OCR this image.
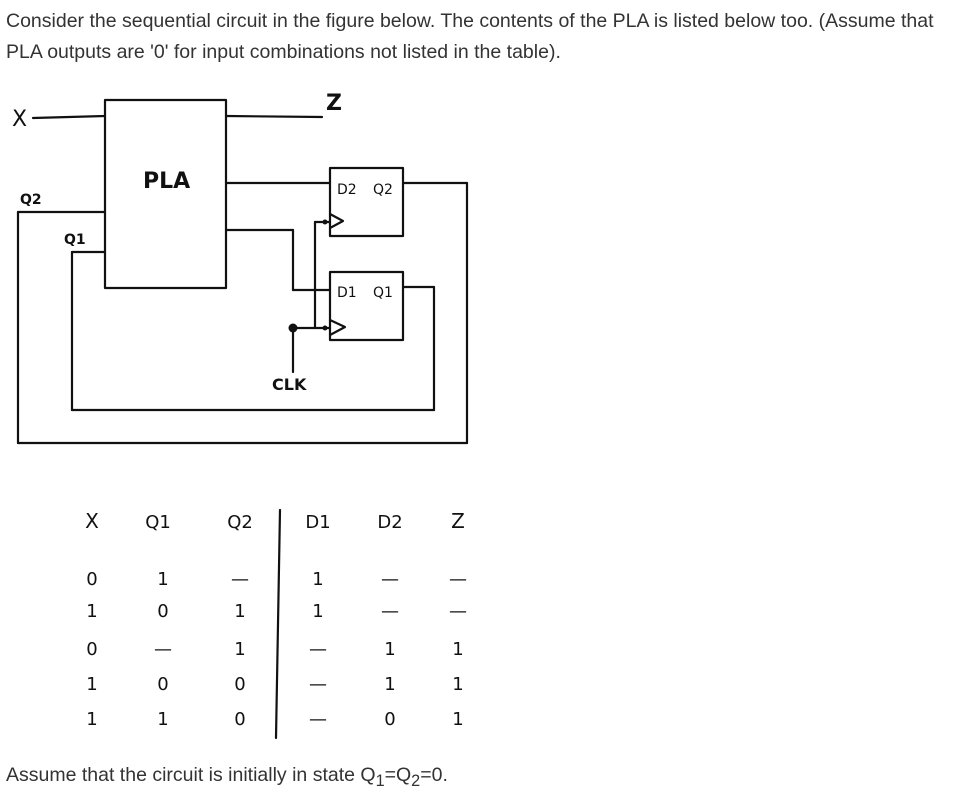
Consider the sequential circuit in the figure below. The contents of the PLA is listed below too. (Assume that
PLA outputs are '0' for input combinations not listed in the table).
PLA
X
Q2
Q1
Z
D2 Q2
D1 Q1
CLK
X	Q1	Q2	D1	D2 Z
0	1	—	1	—	—
1	0	1	1	—	—
0	—	1	—	1	1
1	0	0	—	1	1
1	1	0	—	0	1
Assume that the circuit is initially in state $Q_1=Q_2=0$.
